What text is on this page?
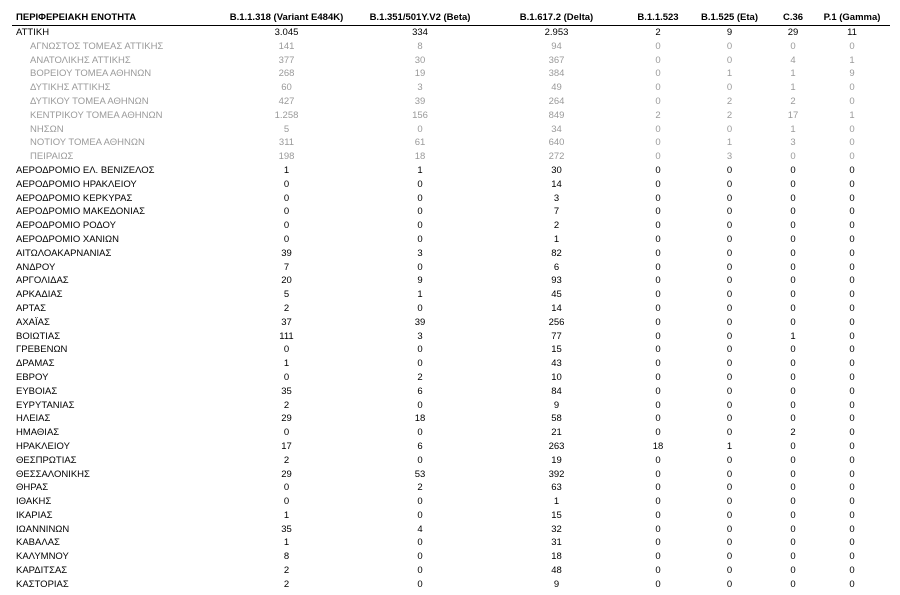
ΠΕΡΙΦΕΡΕΙΑΚΗ ΕΝΟΤΗΤΑ	B.1.1.318 (Variant E484K)	B.1.351/501Y.V2 (Beta)	B.1.617.2 (Delta)	B.1.1.523	B.1.525 (Eta)	C.36	P.1 (Gamma)
ΑΤΤΙΚΗ	3.045	334	2.953	2	9	29	11
ΑΓΝΩΣΤΟΣ ΤΟΜΕΑΣ ΑΤΤΙΚΗΣ	141	8	94	0	0	0	0
ΑΝΑΤΟΛΙΚΗΣ ΑΤΤΙΚΗΣ	377	30	367	0	0	4	1
ΒΟΡΕΙΟΥ ΤΟΜΕΑ ΑΘΗΝΩΝ	268	19	384	0	1	1	9
ΔΥΤΙΚΗΣ ΑΤΤΙΚΗΣ	60	3	49	0	0	1	0
ΔΥΤΙΚΟΥ ΤΟΜΕΑ ΑΘΗΝΩΝ	427	39	264	0	2	2	0
ΚΕΝΤΡΙΚΟΥ ΤΟΜΕΑ ΑΘΗΝΩΝ	1.258	156	849	2	2	17	1
ΝΗΣΩΝ	5	0	34	0	0	1	0
ΝΟΤΙΟΥ ΤΟΜΕΑ ΑΘΗΝΩΝ	311	61	640	0	1	3	0
ΠΕΙΡΑΙΩΣ	198	18	272	0	3	0	0
ΑΕΡΟΔΡΟΜΙΟ ΕΛ. ΒΕΝΙΖΕΛΟΣ	1	1	30	0	0	0	0
ΑΕΡΟΔΡΟΜΙΟ ΗΡΑΚΛΕΙΟΥ	0	0	14	0	0	0	0
ΑΕΡΟΔΡΟΜΙΟ ΚΕΡΚΥΡΑΣ	0	0	3	0	0	0	0
ΑΕΡΟΔΡΟΜΙΟ ΜΑΚΕΔΟΝΙΑΣ	0	0	7	0	0	0	0
ΑΕΡΟΔΡΟΜΙΟ ΡΟΔΟΥ	0	0	2	0	0	0	0
ΑΕΡΟΔΡΟΜΙΟ ΧΑΝΙΩΝ	0	0	1	0	0	0	0
ΑΙΤΩΛΟΑΚΑΡΝΑΝΙΑΣ	39	3	82	0	0	0	0
ΑΝΔΡΟΥ	7	0	6	0	0	0	0
ΑΡΓΟΛΙΔΑΣ	20	9	93	0	0	0	0
ΑΡΚΑΔΙΑΣ	5	1	45	0	0	0	0
ΑΡΤΑΣ	2	0	14	0	0	0	0
ΑΧΑΪΑΣ	37	39	256	0	0	0	0
ΒΟΙΩΤΙΑΣ	111	3	77	0	0	1	0
ΓΡΕΒΕΝΩΝ	0	0	15	0	0	0	0
ΔΡΑΜΑΣ	1	0	43	0	0	0	0
ΕΒΡΟΥ	0	2	10	0	0	0	0
ΕΥΒΟΙΑΣ	35	6	84	0	0	0	0
ΕΥΡΥΤΑΝΙΑΣ	2	0	9	0	0	0	0
ΗΛΕΙΑΣ	29	18	58	0	0	0	0
ΗΜΑΘΙΑΣ	0	0	21	0	0	2	0
ΗΡΑΚΛΕΙΟΥ	17	6	263	18	1	0	0
ΘΕΣΠΡΩΤΙΑΣ	2	0	19	0	0	0	0
ΘΕΣΣΑΛΟΝΙΚΗΣ	29	53	392	0	0	0	0
ΘΗΡΑΣ	0	2	63	0	0	0	0
ΙΘΑΚΗΣ	0	0	1	0	0	0	0
ΙΚΑΡΙΑΣ	1	0	15	0	0	0	0
ΙΩΑΝΝΙΝΩΝ	35	4	32	0	0	0	0
ΚΑΒΑΛΑΣ	1	0	31	0	0	0	0
ΚΑΛΥΜΝΟΥ	8	0	18	0	0	0	0
ΚΑΡΔΙΤΣΑΣ	2	0	48	0	0	0	0
ΚΑΣΤΟΡΙΑΣ	2	0	9	0	0	0	0
